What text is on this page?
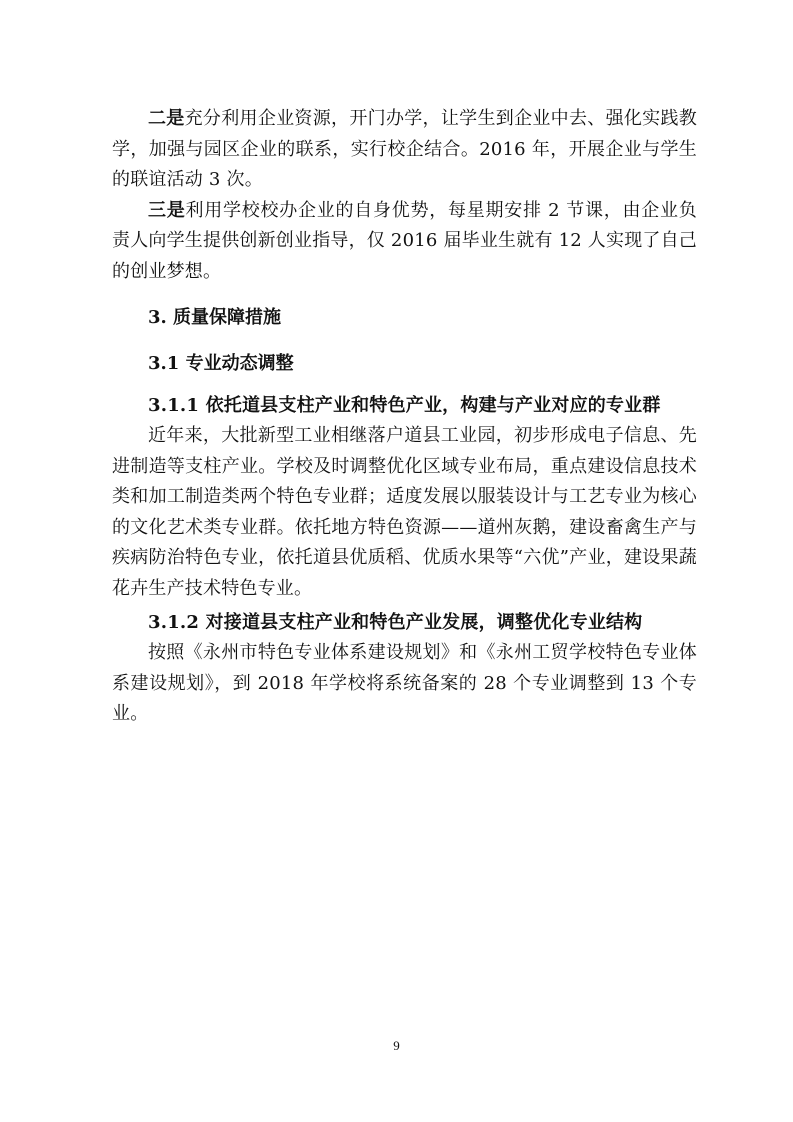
二是充分利用企业资源，开门办学，让学生到企业中去、强化实践教学，加强与园区企业的联系，实行校企结合。2016 年，开展企业与学生的联谊活动 3 次。

三是利用学校校办企业的自身优势，每星期安排 2 节课，由企业负责人向学生提供创新创业指导，仅 2016 届毕业生就有 12 人实现了自己的创业梦想。

3. 质量保障措施
3.1 专业动态调整
3.1.1 依托道县支柱产业和特色产业，构建与产业对应的专业群

近年来，大批新型工业相继落户道县工业园，初步形成电子信息、先进制造等支柱产业。学校及时调整优化区域专业布局，重点建设信息技术类和加工制造类两个特色专业群；适度发展以服装设计与工艺专业为核心的文化艺术类专业群。依托地方特色资源——道州灰鹅，建设畜禽生产与疾病防治特色专业，依托道县优质稻、优质水果等“六优”产业，建设果蔬花卉生产技术特色专业。

3.1.2 对接道县支柱产业和特色产业发展，调整优化专业结构

按照《永州市特色专业体系建设规划》和《永州工贸学校特色专业体系建设规划》，到 2018 年学校将系统备案的 28 个专业调整到 13 个专业。

9
